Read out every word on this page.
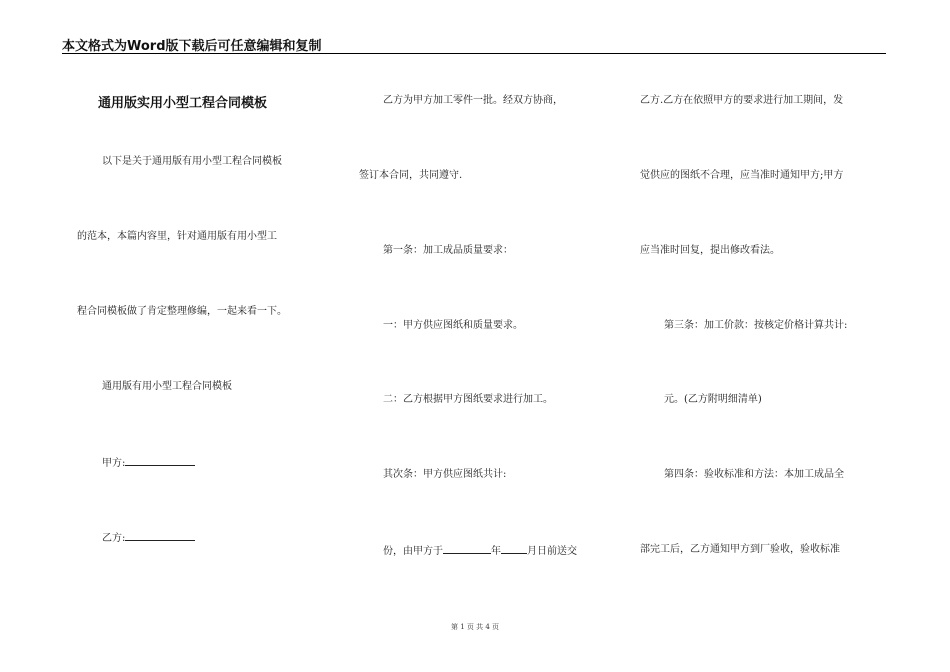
本文格式为Word版下载后可任意编辑和复制
通用版实用小型工程合同模板
以下是关于通用版有用小型工程合同模板
的范本，本篇内容里，针对通用版有用小型工
程合同模板做了肯定整理修编，一起来看一下。
通用版有用小型工程合同模板
甲方:
乙方:
乙方为甲方加工零件一批。经双方协商，
签订本合同，共同遵守.
第一条：加工成品质量要求：
一：甲方供应图纸和质量要求。
二：乙方根据甲方图纸要求进行加工。
其次条：甲方供应图纸共计:
份，由甲方于	年	月日前送交
乙方.乙方在依照甲方的要求进行加工期间，发
觉供应的图纸不合理，应当准时通知甲方;甲方
应当准时回复，提出修改看法。
第三条：加工价款：按核定价格计算共计:
元。(乙方附明细清单)
第四条：验收标准和方法：本加工成品全
部完工后，乙方通知甲方到厂验收，验收标准
第 1 页 共 4 页
